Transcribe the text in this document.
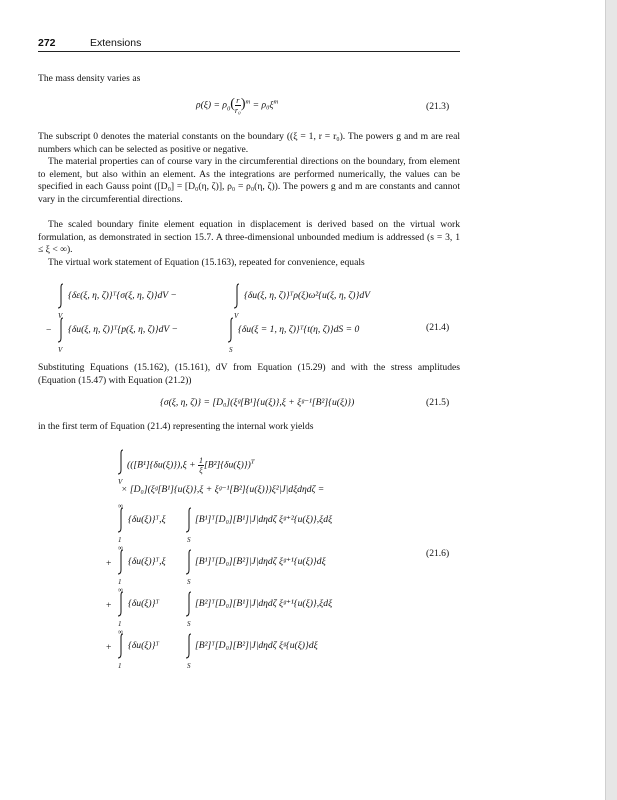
272	Extensions

The mass density varies as

$\rho(\xi) = \rho_0( \frac{r}{\text{r₀}} )^m = \rho_0\xi^m$	(21.3)

The subscript 0 denotes the material constants on the boundary ((ξ = 1, r = r₀). The powers g and m are real numbers which can be selected as positive or negative.

The material properties can of course vary in the circumferential directions on the boundary, from element to element, but also within an element. As the integrations are performed numerically, the values can be specified in each Gauss point ([D₀] = [D₀(η, ζ)], ρ₀ = ρ₀(η, ζ)). The powers g and m are constants and cannot vary in the circumferential directions.

The scaled boundary finite element equation in displacement is derived based on the virtual work formulation, as demonstrated in section 15.7. A three-dimensional unbounded medium is addressed (s = 3, 1 ≤ ξ < ∞).

The virtual work statement of Equation (15.163), repeated for convenience, equals

V
{δε(ξ, η, ζ)}ᵀ{σ(ξ, η, ζ)}dV −
V
{δu(ξ, η, ζ)}ᵀρ(ξ)ω²{u(ξ, η, ζ)}dV
−
V
{δu(ξ, η, ζ)}ᵀ{p(ξ, η, ζ)}dV −
S
{δu(ξ = 1, η, ζ)}ᵀ{t(η, ζ)}dS = 0	(21.4)

Substituting Equations (15.162), (15.161), dV from Equation (15.29) and with the stress amplitudes (Equation (15.47) with Equation (21.2))

{σ(ξ, η, ζ)} = [D₀](ξᵍ[B¹]{u(ξ)},ξ + ξᵍ⁻¹[B²]{u(ξ)})	(21.5)

in the first term of Equation (21.4) representing the internal work yields

V
$(([B^1]\{\delta u(\xi)\}),\xi + \frac{1}{\xi} [B^2]\{\delta u(\xi)\})^T$
× [D₀](ξᵍ[B¹]{u(ξ)},ξ + ξᵍ⁻¹[B²]{u(ξ)})ξ²|J|dξdηdζ =
∞
1
{δu(ξ)}ᵀ,ξ
S
[B¹]ᵀ[D₀][B¹]|J|dηdζ ξᵍ⁺²{u(ξ)},ξdξ
∞
+
1
{δu(ξ)}ᵀ,ξ
S
[B¹]ᵀ[D₀][B²]|J|dηdζ ξᵍ⁺¹{u(ξ)}dξ
(21.6)
∞
+
1
{δu(ξ)}ᵀ
S
[B²]ᵀ[D₀][B¹]|J|dηdζ ξᵍ⁺¹{u(ξ)},ξdξ
∞
+
1
{δu(ξ)}ᵀ
S
[B²]ᵀ[D₀][B²]|J|dηdζ ξᵍ{u(ξ)}dξ
